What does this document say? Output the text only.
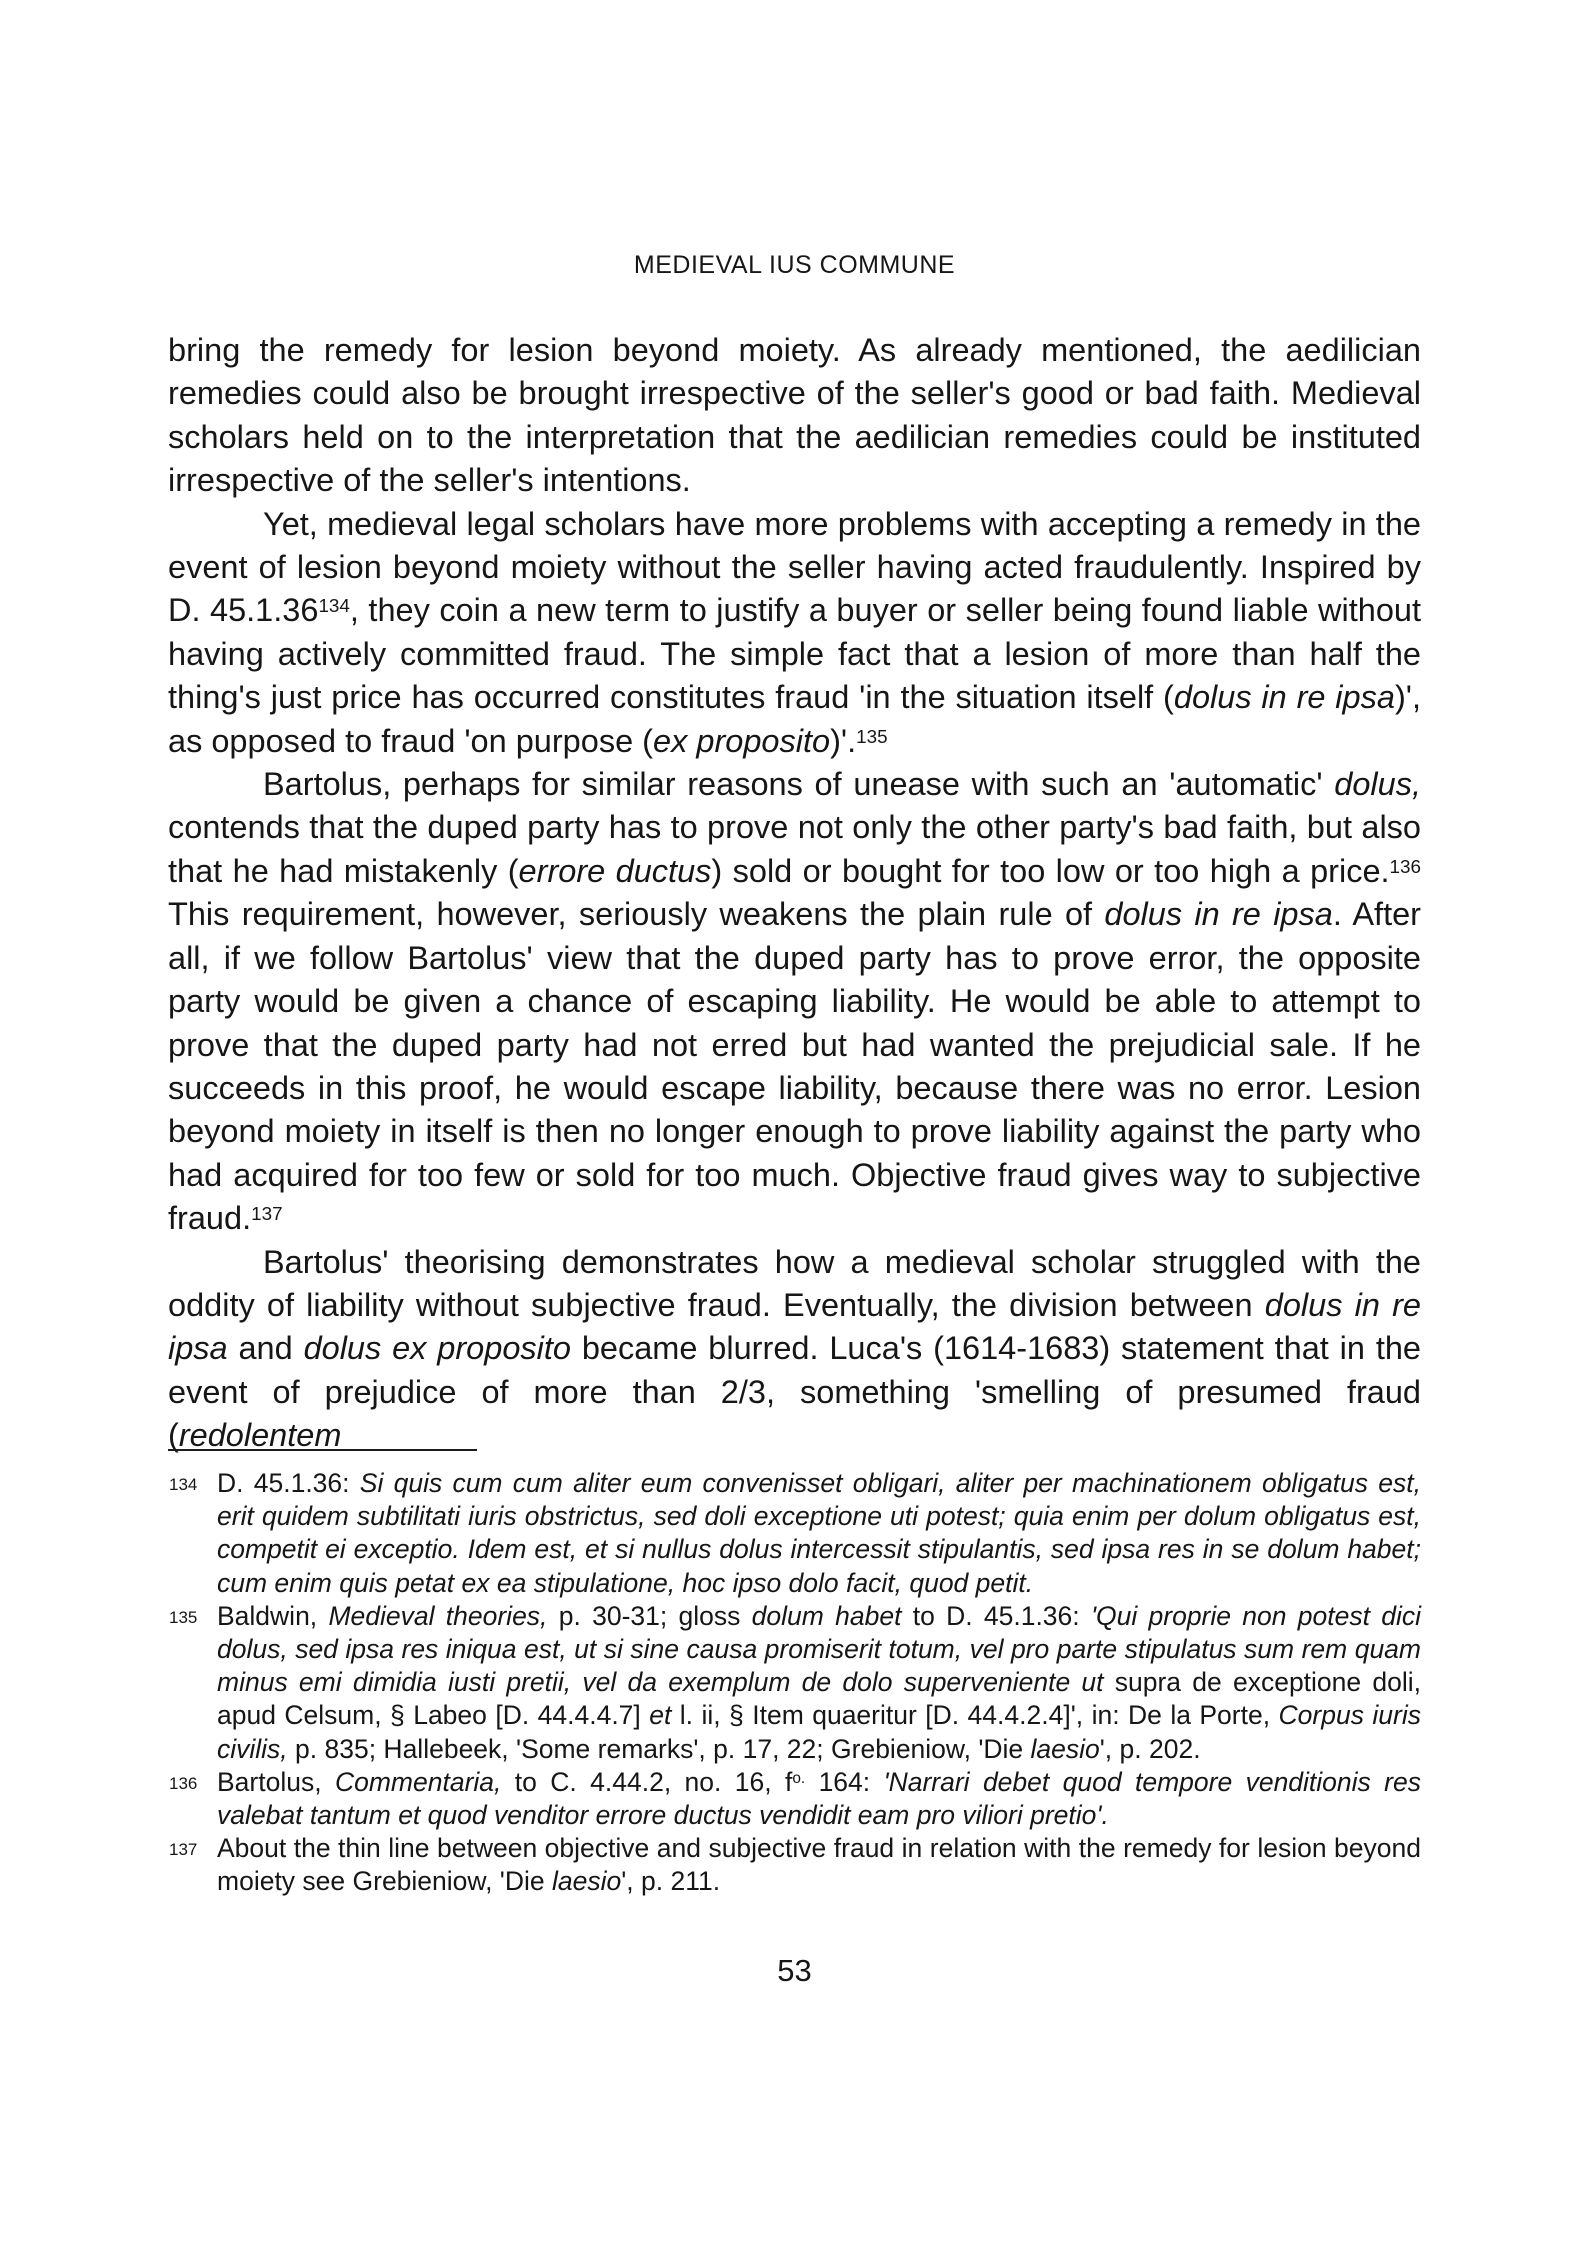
MEDIEVAL IUS COMMUNE

bring the remedy for lesion beyond moiety. As already mentioned, the aedilician remedies could also be brought irrespective of the seller's good or bad faith. Medieval scholars held on to the interpretation that the aedilician remedies could be instituted irrespective of the seller's intentions.

Yet, medieval legal scholars have more problems with accepting a remedy in the event of lesion beyond moiety without the seller having acted fraudulently. Inspired by D. 45.1.36$^{134}$, they coin a new term to justify a buyer or seller being found liable without having actively committed fraud. The simple fact that a lesion of more than half the thing's just price has occurred constitutes fraud 'in the situation itself (dolus in re ipsa)', as opposed to fraud 'on purpose (ex proposito)'.$^{135}$

Bartolus, perhaps for similar reasons of unease with such an 'automatic' dolus, contends that the duped party has to prove not only the other party's bad faith, but also that he had mistakenly (errore ductus) sold or bought for too low or too high a price.$^{136}$ This requirement, however, seriously weakens the plain rule of dolus in re ipsa. After all, if we follow Bartolus' view that the duped party has to prove error, the opposite party would be given a chance of escaping liability. He would be able to attempt to prove that the duped party had not erred but had wanted the prejudicial sale. If he succeeds in this proof, he would escape liability, because there was no error. Lesion beyond moiety in itself is then no longer enough to prove liability against the party who had acquired for too few or sold for too much. Objective fraud gives way to subjective fraud.$^{137}$

Bartolus' theorising demonstrates how a medieval scholar struggled with the oddity of liability without subjective fraud. Eventually, the division between dolus in re ipsa and dolus ex proposito became blurred. Luca's (1614-1683) statement that in the event of prejudice of more than 2/3, something 'smelling of presumed fraud (redolentem

134 D. 45.1.36: Si quis cum cum aliter eum convenisset obligari, aliter per machinationem obligatus est, erit quidem subtilitati iuris obstrictus, sed doli exceptione uti potest; quia enim per dolum obligatus est, competit ei exceptio. Idem est, et si nullus dolus intercessit stipulantis, sed ipsa res in se dolum habet; cum enim quis petat ex ea stipulatione, hoc ipso dolo facit, quod petit.
135 Baldwin, Medieval theories, p. 30-31; gloss dolum habet to D. 45.1.36: 'Qui proprie non potest dici dolus, sed ipsa res iniqua est, ut si sine causa promiserit totum, vel pro parte stipulatus sum rem quam minus emi dimidia iusti pretii, vel da exemplum de dolo superveniente ut supra de exceptione doli, apud Celsum, § Labeo [D. 44.4.4.7] et l. ii, § Item quaeritur [D. 44.4.2.4]', in: De la Porte, Corpus iuris civilis, p. 835; Hallebeek, 'Some remarks', p. 17, 22; Grebieniow, 'Die laesio', p. 202.
136 Bartolus, Commentaria, to C. 4.44.2, no. 16, $f^{o.}$ 164: 'Narrari debet quod tempore venditionis res valebat tantum et quod venditor errore ductus vendidit eam pro viliori pretio'.
137 About the thin line between objective and subjective fraud in relation with the remedy for lesion beyond moiety see Grebieniow, 'Die laesio', p. 211.
53
